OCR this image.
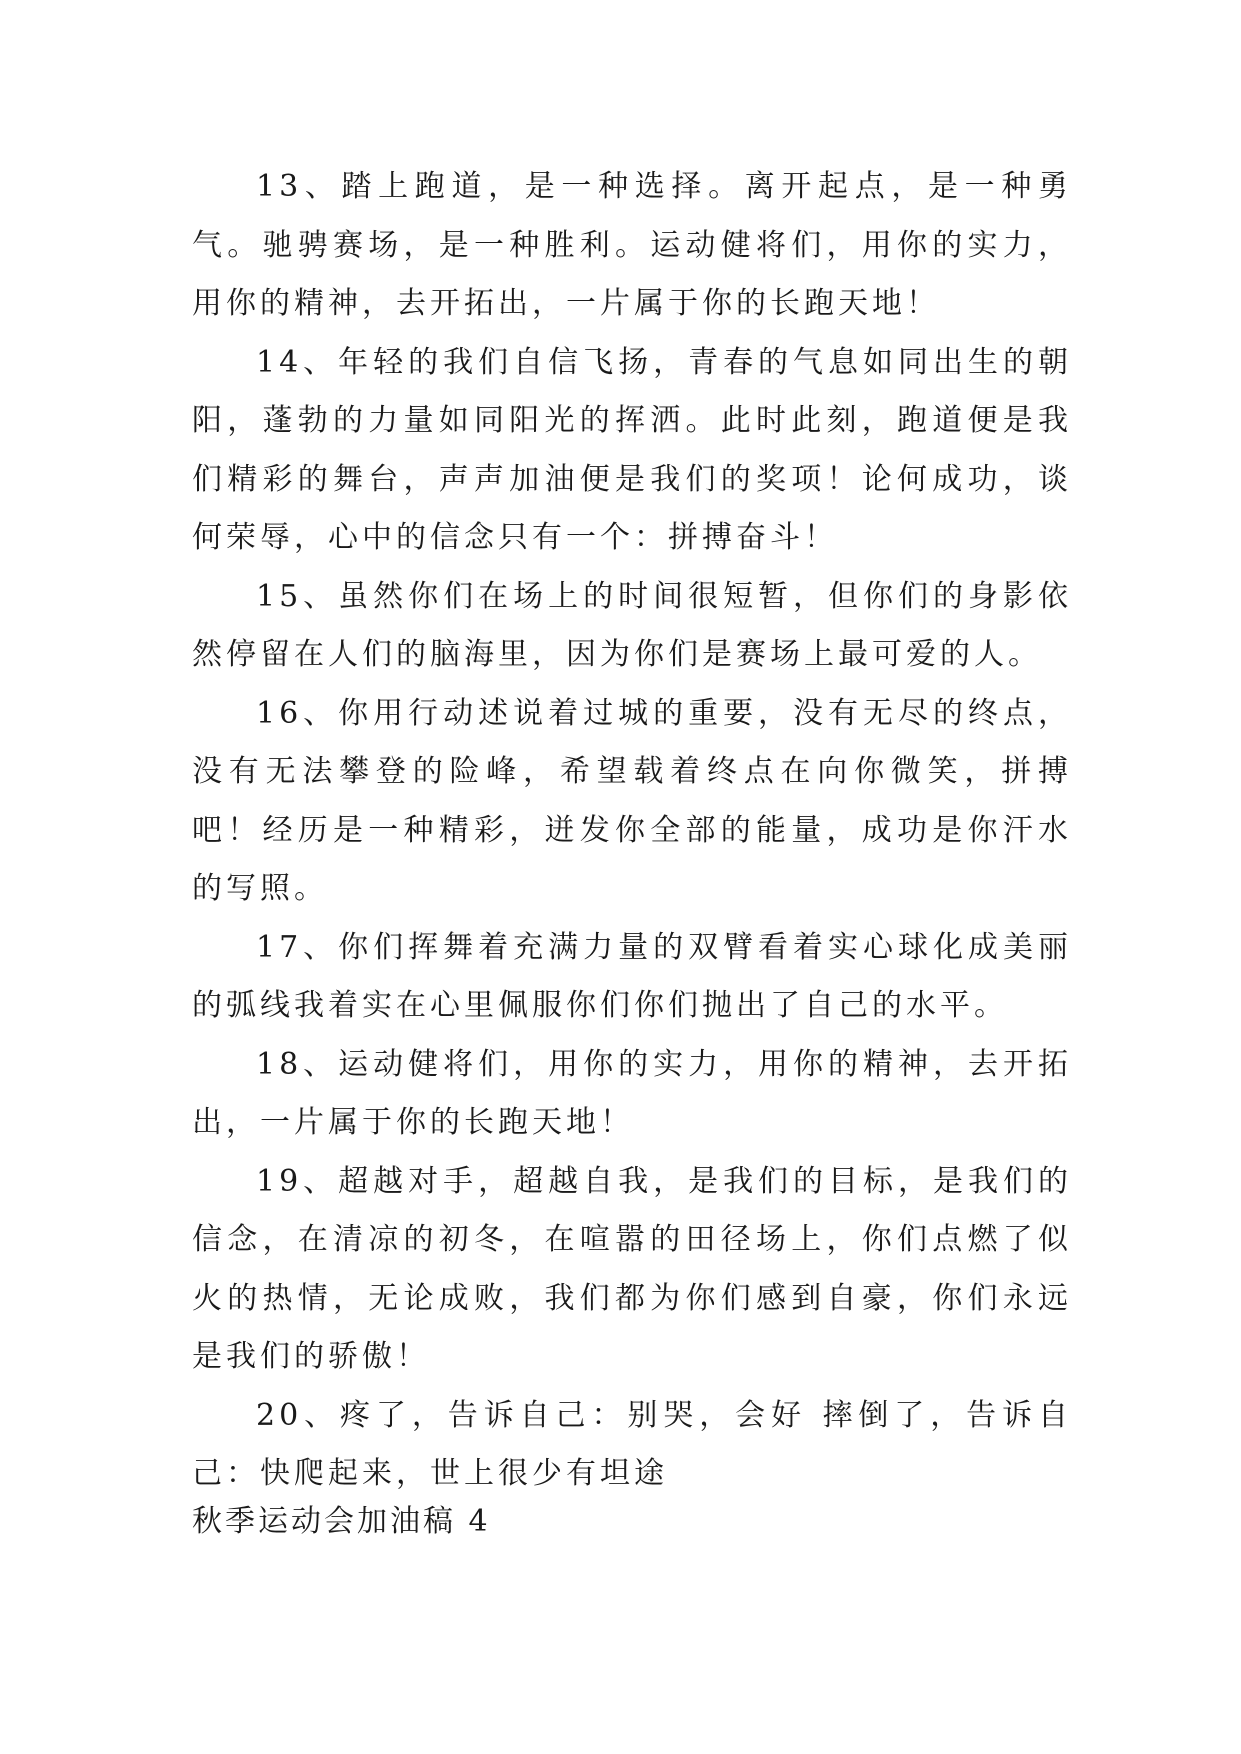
13、踏上跑道，是一种选择。离开起点，是一种勇气。驰骋赛场，是一种胜利。运动健将们，用你的实力，用你的精神，去开拓出，一片属于你的长跑天地！

14、年轻的我们自信飞扬，青春的气息如同出生的朝阳，蓬勃的力量如同阳光的挥洒。此时此刻，跑道便是我们精彩的舞台，声声加油便是我们的奖项！论何成功，谈何荣辱，心中的信念只有一个：拼搏奋斗！

15、虽然你们在场上的时间很短暂，但你们的身影依然停留在人们的脑海里，因为你们是赛场上最可爱的人。

16、你用行动述说着过城的重要，没有无尽的终点，没有无法攀登的险峰，希望载着终点在向你微笑，拼搏吧！经历是一种精彩，迸发你全部的能量，成功是你汗水的写照。

17、你们挥舞着充满力量的双臂看着实心球化成美丽的弧线我着实在心里佩服你们你们抛出了自己的水平。

18、运动健将们，用你的实力，用你的精神，去开拓出，一片属于你的长跑天地！

19、超越对手，超越自我，是我们的目标，是我们的信念，在清凉的初冬，在喧嚣的田径场上，你们点燃了似火的热情，无论成败，我们都为你们感到自豪，你们永远是我们的骄傲！

20、疼了，告诉自己：别哭，会好 摔倒了，告诉自己：快爬起来，世上很少有坦途

秋季运动会加油稿 4
